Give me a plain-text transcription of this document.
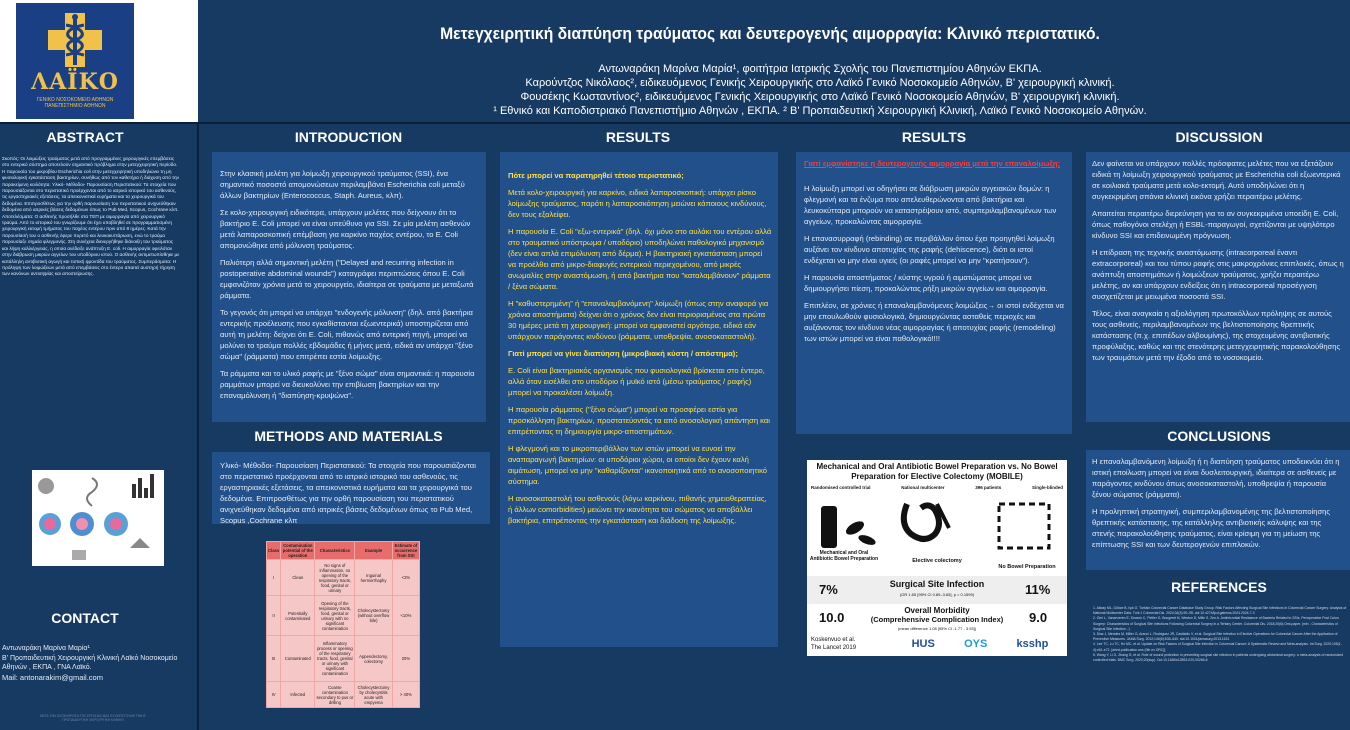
ΛΑΪΚΟ
ΓΕΝΙΚΟ ΝΟΣΟΚΟΜΕΙΟ ΑΘΗΝΩΝ ΠΑΝΕΠΙΣΤΗΜΙΟ ΑΘΗΝΩΝ
Μετεγχειρητική διαπύηση τραύματος και δευτερογενής αιμορραγία: Κλινικό περιστατικό.
Αντωναράκη Μαρίνα Μαρία¹, φοιτήτρια Ιατρικής Σχολής του Πανεπιστημίου Αθηνών ΕΚΠΑ.
Καρούντζος Νικόλαος², ειδικευόμενος Γενικής Χειρουργικής στο Λαϊκό Γενικό Νοσοκομείο Αθηνών, Β' χειρουργική κλινική.
Φουσέκης Κωσταντίνος², ειδικευόμενος Γενικής Χειρουργικής στο Λαϊκό Γενικό Νοσοκομείο Αθηνών, Β' χειρουργική κλινική.
¹ Εθνικό και Καποδιστριακό Πανεπιστήμιο Αθηνών , ΕΚΠΑ. ² Β' Προπαιδευτική Χειρουργική Κλινική, Λαϊκό Γενικό Νοσοκομείο Αθηνών.
ABSTRACT
Σκοπός: Οι λοιμώξεις τραύματος μετά από προγραμμένες χειρουργικές επεμβάσεις στο εντερικό σύστημα αποτελούν σημαντικό πρόβλημα στην μετεγχειρητική περίοδο. Η παρουσία του μικροβίου Escherichia coli στην μετεγχειρητική υποδηλώνει τη μη φυσιολογική εγκατάσταση βακτηρίων, συνήθως από τον καθετήρα ή διάχυση από την παρακείμενη κοιλότητα. Υλικό- Μέθοδοι- Παρουσίαση Περιστατικού: Τα στοιχεία που παρουσιάζονται στο περιστατικό προέρχονται από το ιατρικό ιστορικό του ασθενούς, τις εργαστηριακές εξετάσεις, τα απεικονιστικά ευρήματα και τα χειρουργικά του δεδομένα. Επιπροσθέτως για την ορθή παρουσίαση του περιστατικού ανιχνεύθηκαν δεδομένα από ιατρικές βάσεις δεδομένων όπως το Pub Med, Scopus, Cochrane κλπ. Αποτελέσματα: Ο ασθενής προσήλθε στα ΤΕΠ με αιμορραγία από χειρουργικό τραύμα. Από το ιστορικό του γνωρίζουμε ότι έχει υποβληθεί σε προγραμματισμένη χειρουργική εκτομή τμήματος του παχέος εντέρου πριν από 8 ημέρες. Κατά την παρουσίασή του ο ασθενής έφερε πυρετό και λευκοκυττάρωση, ενώ το τραύμα παρουσίαζε σημεία φλεγμονής. Στη συνέχεια διενεργήθηκε διάνοιξη του τραύματος και λήψη καλλιέργειας, η οποία ανέδειξε ανάπτυξη E. coli. Η αιμορραγία οφειλόταν στην διάβρωση μικρών αγγείων του υποδόριου ιστού. Ο ασθενής αντιμετωπίσθηκε με κατάλληλη αντιβιοτική αγωγή και τοπική φροντίδα του τραύματος. Συμπεράσματα: Η πρόληψη των λοιμώξεων μετά από επεμβάσεις στο έντερο απαιτεί αυστηρή τήρηση των κανόνων αντισηψίας και αποστείρωσης.
CONTACT
Αντωναράκη Μαρίνα Μαρία¹
Β' Προπαιδευτική Χειρουργική Κλινική Λαϊκό Νοσοκομείο Αθηνών , ΕΚΠΑ , ΓΝΑ Λαϊκό.
Mail: antonarakim@gmail.com
ΜΕΤΑ ΤΗΝ ΟΛΟΚΛΗΡΩΣΗ ΤΗΣ ΕΡΓΑΣΙΑΣ ΜΑΣ ΕΥΧΑΡΙΣΤΟΥΜΕ ΤΗΝ Β' ΠΡΟΠΑΙΔΕΥΤΙΚΗ ΧΕΙΡΟΥΡΓΙΚΗ ΚΛΙΝΙΚΗ
INTRODUCTION

Στην κλασική μελέτη για λοίμωξη χειρουργικού τραύματος (SSI), ένα σημαντικό ποσοστό απομονώσεων περιλαμβάνει Escherichia coli μεταξύ άλλων βακτηρίων (Enterococcus, Staph. Aureus, κλπ).

Σε κολο-χειρουργική ειδικότερα, υπάρχουν μελέτες που δείχνουν ότι το βακτήριο E. Coli μπορεί να είναι υπεύθυνο για SSI. Σε μία μελέτη ασθενών μετά λαπαροσκοπική επέμβαση για καρκίνο παχέος εντέρου, το E. Coli απομονώθηκε από μόλυνση τραύματος.

Παλιότερη αλλά σημαντική μελέτη ("Delayed and recurring infection in postoperative abdominal wounds") καταγράφει περιπτώσεις όπου E. Coli εμφανιζόταν χρόνια μετά το χειρουργείο, ιδιαίτερα σε τραύματα με μεταξωτά ράμματα.

Το γεγονός ότι μπορεί να υπάρχει "ενδογενής μόλυνση" (δηλ. από βακτήρια εντερικής προέλευσης που εγκαθίστανται εξωεντερικά) υποστηρίζεται από αυτή τη μελέτη: δείχνει ότι E. Coli, πιθανώς από εντερική πηγή, μπορεί να μολύνει το τραύμα πολλές εβδομάδες ή μήνες μετά, ειδικά αν υπάρχει "ξένο σώμα" (ράμματα) που επιτρέπει εστία λοίμωξης.

Τα ράμματα και το υλικό ραφής με "ξένο σώμα" είναι σημαντικά: η παρουσία ραμμάτων μπορεί να διευκολύνει την επιβίωση βακτηρίων και την επαναμόλυνση ή "διαπύηση-κρυψώνα".

METHODS AND MATERIALS
Υλικό- Μέθοδοι- Παρουσίαση Περιστατικού: Τα στοιχεία που παρουσιάζονται στο περιστατικό προέρχονται από το ιατρικό ιστορικό του ασθενούς, τις εργαστηριακές εξετάσεις, τα απεικονιστικά ευρήματα και τα χειρουργικά του δεδομένα. Επιπροσθέτως για την ορθή παρουσίαση του περιστατικού ανιχνεύθηκαν δεδομένα από ιατρικές βάσεις δεδομένων όπως το Pub Med, Scopus ,Cochrane κλπ
Class	Contamination potential of the operation	Characteristics	Example	Estimate of occurrence from SSI
I	Clean	No signs of inflammation, no opening of the respiratory tracts, food, genital or urinary	Inguinal herniorrhaphy	<2%
II	Potentially contaminated	Opening of the respiratory tracts, food, genital or urinary with no significant contamination	Cholecystectomy (without overflow bile)	<10%
III	Contaminated	Inflammatory process or opening of the respiratory tracts, food, genital or urinary with significant contamination	Appendectomy, colectomy	20%
IV	Infected	Coarse contamination secondary to pus or drilling	Cholecystectomy by cholecystitis acute with empyema	> 40%
RESULTS

Πότε μπορεί να παρατηρηθεί τέτοιο περιστατικό;

Μετά κολο-χειρουργική για καρκίνο, ειδικά λαπαροσκοπική: υπάρχει ρίσκο λοίμωξης τραύματος, παρότι η λαπαροσκόπηση μειώνει κάποιους κινδύνους, δεν τους εξαλείφει.

Η παρουσία E. Coli "εξω-εντερικά" (δηλ. όχι μόνο στο αυλάκι του εντέρου αλλά στο τραυματικό υπόστρωμα / υποδόριο) υποδηλώνει παθολογικό μηχανισμό (δεν είναι απλά επιμόλυνση από δέρμα). Η βακτηριακή εγκατάσταση μπορεί να προέλθει από μικρο-διαφυγές εντερικού περιεχομένου, από μικρές ανωμαλίες στην αναστόμωση, ή από βακτήρια που "καταλαμβάνουν" ράμματα / ξένα σώματα.

Η "καθυστερημένη" ή "επαναλαμβανόμενη" λοίμωξη (όπως στην αναφορά για χρόνια αποστήματα) δείχνει ότι ο χρόνος δεν είναι περιορισμένος στα πρώτα 30 ημέρες μετά τη χειρουργική: μπορεί να εμφανιστεί αργότερα, ειδικά εάν υπάρχουν παράγοντες κινδύνου (ράμματα, υποθρεψία, ανοσοκαταστολή).

Γιατί μπορεί να γίνει διαπύηση (μικροβιακή κύστη / απόστημα);

E. Coli είναι βακτηριακός οργανισμός που φυσιολογικά βρίσκεται στο έντερο, αλλά όταν εισέλθει στο υποδόριο ή μυϊκό ιστό (μέσω τραύματος / ραφής) μπορεί να προκαλέσει λοίμωξη.

Η παρουσία ράμματος ("ξένο σώμα") μπορεί να προσφέρει εστία για προσκόλληση βακτηρίων, προστατεύοντάς τα από ανοσολογική απάντηση και επιτρέποντας τη δημιουργία μικρο-αποστημάτων.

Η φλεγμονή και το μικροπεριβάλλον των ιστών μπορεί να ευνοεί την αναπαραγωγή βακτηρίων: οι υποδόριοι χώροι, οι οποίοι δεν έχουν καλή αιμάτωση, μπορεί να μην "καθαρίζονται" ικανοποιητικά από το ανοσοποιητικό σύστημα.

Η ανοσοκαταστολή του ασθενούς (λόγω καρκίνου, πιθανής χημειοθεραπείας, ή άλλων comorbidities) μειώνει την ικανότητα του σώματος να αποβάλλει βακτήρια, επιτρέποντας την εγκατάσταση και διάδοση της λοίμωξης.

RESULTS

Γιατί εμφανίστηκε η δευτερογενής αιμορραγία μετά την επαναλοίμωξη;

Η λοίμωξη μπορεί να οδηγήσει σε διάβρωση μικρών αγγειακών δομών: η φλεγμονή και τα ένζυμα που απελευθερώνονται από βακτήρια και λευκοκύτταρα μπορούν να καταστρέψουν ιστό, συμπεριλαμβανομένων των αγγείων, προκαλώντας αιμορραγία.

Η επανασυρραφή (rebinding) σε περιβάλλον όπου έχει προηγηθεί λοίμωξη αυξάνει τον κίνδυνο αποτυχίας της ραφής (dehiscence), διότι οι ιστοί ενδέχεται να μην είναι υγιείς (οι ραφές μπορεί να μην "κρατήσουν").

Η παρουσία αποστήματος / κύστης υγρού ή αιματώματος μπορεί να δημιουργήσει πίεση, προκαλώντας ρήξη μικρών αγγείων και αιμορραγία.

Επιπλέον, σε χρόνιες ή επαναλαμβανόμενες λοιμώξεις→ οι ιστοί ενδέχεται να μην επουλωθούν φυσιολογικά, δημιουργώντας ασταθείς περιοχές και αυξάνοντας τον κίνδυνο νέας αιμορραγίας ή αποτυχίας ραφής (remodeling) των ιστών μπορεί να είναι παθολογικό!!!!

Mechanical and Oral Antibiotic Bowel Preparation vs. No Bowel Preparation for Elective Colectomy (MOBILE)
Randomised controlled trial	National multicenter	396 patients	Single-blinded
Mechanical and Oral Antibiotic Bowel Preparation	Elective colectomy
No Bowel Preparation
7%	Surgical Site Infection
(OR 1.65 [95% CI 0.89–3.65], p = 0.1599)	11%
10.0	Overall Morbidity
(Comprehensive Complication Index)
(mean difference 1.08 [95% CI -1.77 - 3.93])
9.0
Koskenvuo et al.
The Lancet 2019	HUS	OYS	ksshp
DISCUSSION

Δεν φαίνεται να υπάρχουν πολλές πρόσφατες μελέτες που να εξετάζουν ειδικά τη λοίμωξη χειρουργικού τραύματος με Escherichia coli εξωεντερικά σε κοιλιακά τραύματα μετά κολο-εκτομή. Αυτό υποδηλώνει ότι η συγκεκριμένη σπάνια κλινική εικόνα χρήζει περαιτέρω μελέτης.

Απαιτείται περαιτέρω διερεύνηση για το αν συγκεκριμένα υποείδη E. Coli, όπως παθογόνοι στελέχη ή ESBL-παραγωγοί, σχετίζονται με υψηλότερο κίνδυνο SSI και επιδεινωμένη πρόγνωση.

Η επίδραση της τεχνικής αναστόμωσης (intracorporeal έναντι extracorporeal) και του τύπου ραφής στις μακροχρόνιες επιπλοκές, όπως η ανάπτυξη αποστημάτων ή λοιμώξεων τραύματος, χρήζει περαιτέρω μελέτης, αν και υπάρχουν ενδείξεις ότι η intracorporeal προσέγγιση συσχετίζεται με μειωμένα ποσοστά SSI.

Τέλος, είναι αναγκαία η αξιολόγηση πρωτοκόλλων πρόληψης σε αυτούς τους ασθενείς, περιλαμβανομένων της βελτιστοποίησης θρεπτικής κατάστασης (π.χ. επιπέδων αλβουμίνης), της στοχευμένης αντιβιοτικής προφύλαξης, καθώς και της στενότερης μετεγχειρητικής παρακολούθησης των τραυμάτων μετά την έξοδο από το νοσοκομείο.

CONCLUSIONS

Η επαναλαμβανόμενη λοίμωξη ή η διαπύηση τραύματος υποδεικνύει ότι η ιστική εποίλωση μπορεί να είναι δυσλειτουργική, ιδιαίτερα σε ασθενείς με παράγοντες κινδύνου όπως ανοσοκαταστολή, υποθρεψία ή παρουσία ξένου σώματος (ράμματα).

Η προληπτική στρατηγική, συμπεριλαμβανομένης της βελτιστοποίησης θρεπτικής κατάστασης, της κατάλληλης αντιβιοτικής κάλυψης και της στενής παρακολούθησης τραύματος, είναι κρίσιμη για τη μείωση της επίπτωσης SSI και των δευτερογενών επιπλοκών.

REFERENCES
1. Akbay ML, Gökce B, Işık O. Turkish Colorectal Cancer Database Study Group. Risk Factors Affecting Surgical Site Infections in Colorectal Cancer Surgery: Analysis of National Multicenter Data. Turk J Colorectal Dis. 2024;34(3):90–98. doi:10.4274/tjcd.galenos.2024.2024-7-3
2. Omi L, Vanzeveren E, Snoeck C, Peltier G, Bougeret N, Weston D, Mille S, Zen A. Antimicrobial Resistance of Bacteria Related to SSIs. Perioperative Post Colon Surgery: Characteristics of Surgical Site Infections Following Colorectal Surgery in a Tertiary Center. Colorectal Dis. 2018;20(6):Omi-paper. (min - Characteristics of Surgical Site Infection...)
3. Diaz J, Mendes M, Miller G, Aranci L, Rodriguez JR, Castiadio V, et al. Surgical Site Infection in Elective Operations for Colorectal Cancer After the Application of Preventive Measures. JAMA Surg. 2012;146(6):635–640. doi:10.1001/jamasurg.2013.1151
4. Lee TC, Lu TC, Ho MC, et al. Update on Risk Factors of Surgical Site Infection in Colorectal Cancer: A Systematic Review and Meta-analysis. Int Surg. 2020;105(1-4):e61-e72. [ahed-publication ans (0th ex ORC)]
5. Wang Y, Li G, Zhang G, et al. Role of wound protection in preventing surgical site infection in patients undergoing abdominal surgery: a meta-analysis of randomized controlled trials. BMC Surg. 2020;20(sup). Doi:10.1186/s12893-020-00266-8
